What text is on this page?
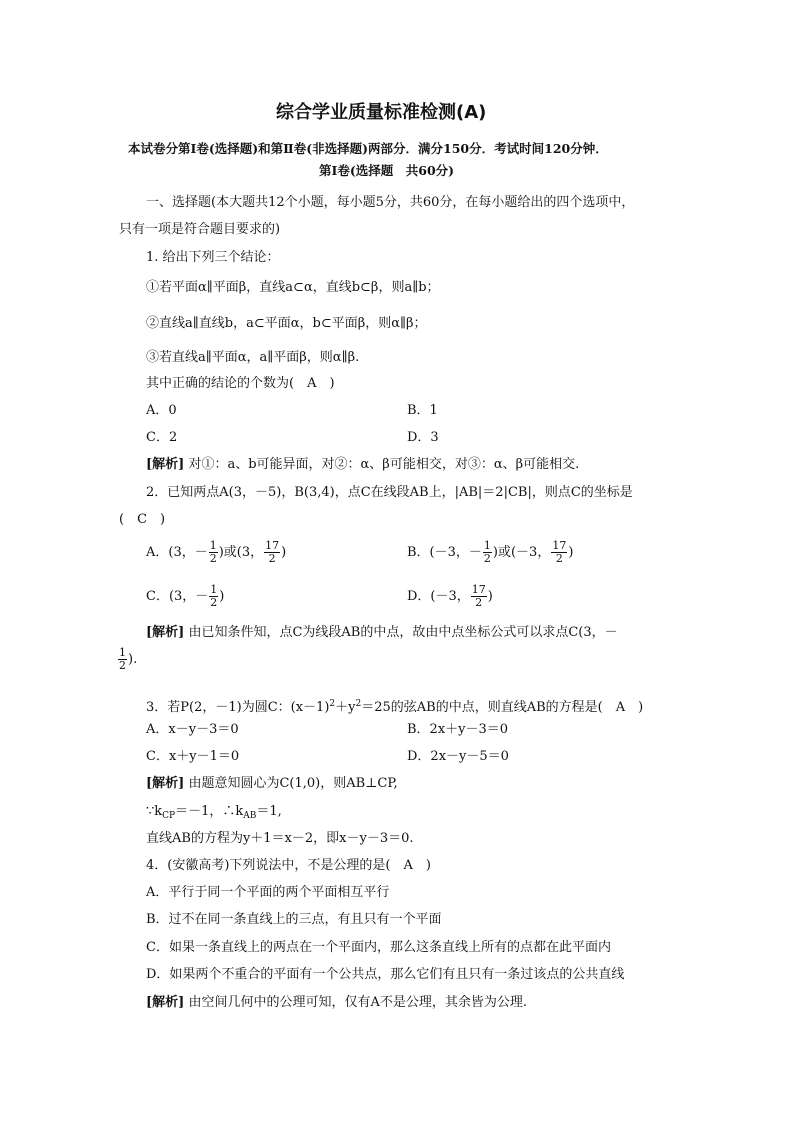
综合学业质量标准检测(A)
本试卷分第Ⅰ卷(选择题)和第Ⅱ卷(非选择题)两部分．满分150分．考试时间120分钟．
第Ⅰ卷(选择题　共60分)
一、选择题(本大题共12个小题，每小题5分，共60分，在每小题给出的四个选项中，
只有一项是符合题目要求的)
1. 给出下列三个结论：
①若平面α∥平面β，直线a⊂α，直线b⊂β，则a∥b；
②直线a∥直线b，a⊂平面α，b⊂平面β，则α∥β；
③若直线a∥平面α，a∥平面β，则α∥β.
其中正确的结论的个数为(　A　)
A．0	B．1
C．2	D．3
[解析] 对①：a、b可能异面，对②：α、β可能相交，对③：α、β可能相交.
2．已知两点A(3，－5)，B(3,4)，点C在线段AB上，|AB|＝2|CB|，则点C的坐标是
(　C　)
A．(3，－ $\frac{1}{2}$ )或(3， $\frac{17}{2}$ )	B．(－3，－ $\frac{1}{2}$ )或(－3， $\frac{17}{2}$ )
C．(3，－ $\frac{1}{2}$ )	D．(－3， $\frac{17}{2}$ )
[解析] 由已知条件知，点C为线段AB的中点，故由中点坐标公式可以求点C(3，－
$\frac{1}{2}$ ).
3．若P(2，－1)为圆C：$(x-1)^2+y^2=25$的弦AB的中点，则直线AB的方程是(　A　)
A．x－y－3＝0	B．2x＋y－3＝0
C．x＋y－1＝0	D．2x－y－5＝0
[解析] 由题意知圆心为C(1,0)，则AB⊥CP,
$\because k_{CP}=-1$，$\therefore k_{AB}=1$,
直线AB的方程为y＋1＝x－2，即x－y－3＝0.
4．(安徽高考)下列说法中，不是公理的是(　A　)
A．平行于同一个平面的两个平面相互平行
B．过不在同一条直线上的三点，有且只有一个平面
C．如果一条直线上的两点在一个平面内，那么这条直线上所有的点都在此平面内
D．如果两个不重合的平面有一个公共点，那么它们有且只有一条过该点的公共直线
[解析] 由空间几何中的公理可知，仅有A不是公理，其余皆为公理.
